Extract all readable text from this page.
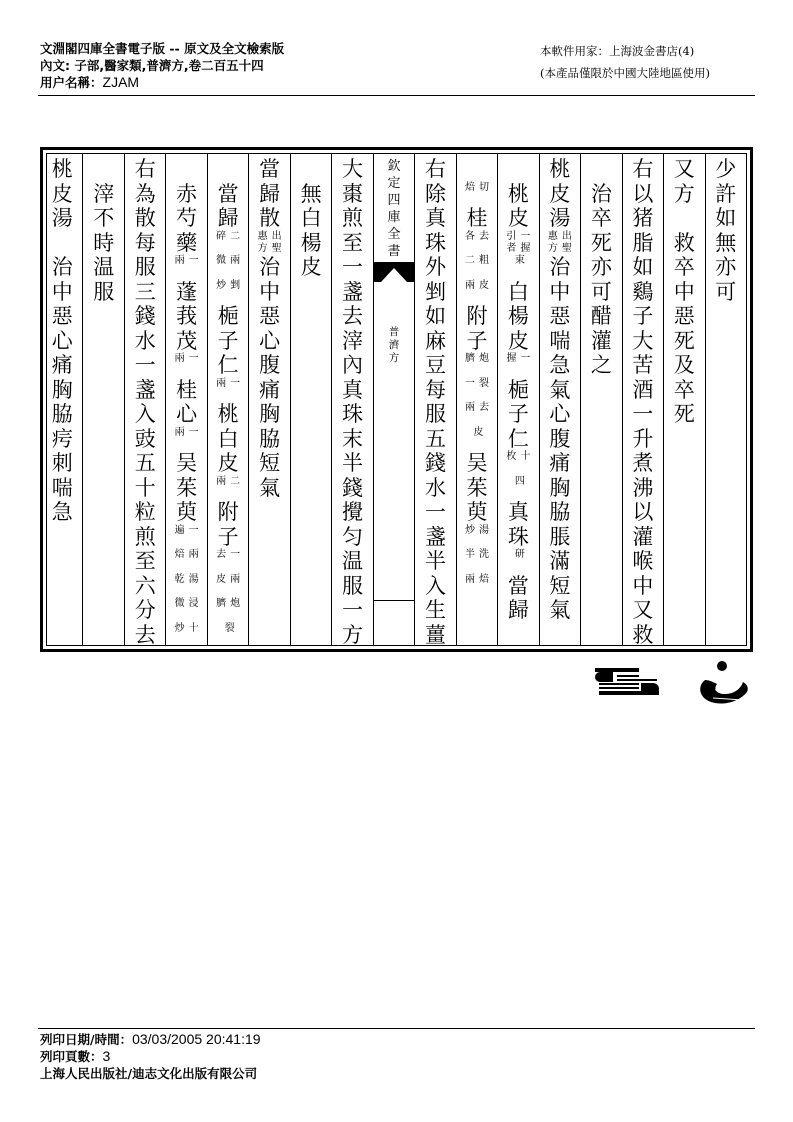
文淵閣四庫全書電子版 -- 原文及全文檢索版
內文: 子部,醫家類,普濟方,卷二百五十四
用户名稱：ZJAM
本軟件用家：上海波金書店(4)
(本產品僅限於中國大陸地區使用)
少
許
如
無
亦
可
又
方

救
卒
中
惡
死
及
卒
死
右
以
猪
脂
如
鷄
子
大
苦
酒
一
升
煮
沸
以
灌
喉
中
又
救

治
卒
死
亦
可
醋
灌
之
桃
皮
湯
出
聖
惠
方
治
中
惡
喘
急
氣
心
腹
痛
胸
脇
脹
滿
短
氣

桃
皮
一
握
引
者
束
白
楊
皮
一
握
梔
子
仁
十
枚
四
真
珠
研
當
歸

切
焙
桂
去
各
粗
二
皮
兩
附
子
炮
臍
裂
一
去
兩
皮
吴
茱
萸
湯
炒
洗
半
焙
兩
右
除
真
珠
外
剉
如
麻
豆
每
服
五
錢
水
一
盞
半
入
生
薑
欽
定
四
庫
全
書
普
濟
方
大
棗
煎
至
一
盞
去
滓
內
真
珠
末
半
錢
攪
匀
温
服
一
方

無
白
楊
皮
當
歸
散
出
聖
惠
方
治
中
惡
心
腹
痛
胸
脇
短
氣

當
歸
二
碎
兩
微
剉
炒
梔
子
仁
一
兩
桃
白
皮
二
兩
附
子
一
去
兩
皮
炮
臍
裂

赤
芍
藥
一
兩
蓬
莪
茂
一
兩
桂
心
一
兩
吴
茱
萸
一
遍
兩
焙
湯
乾
浸
微
十
炒
右
為
散
每
服
三
錢
水
一
盞
入
豉
五
十
粒
煎
至
六
分
去

滓
不
時
温
服
桃
皮
湯

治
中
惡
心
痛
胸
脇
疞
刺
喘
急
列印日期/時間：03/03/2005 20:41:19
列印頁數：3
上海人民出版社/迪志文化出版有限公司
